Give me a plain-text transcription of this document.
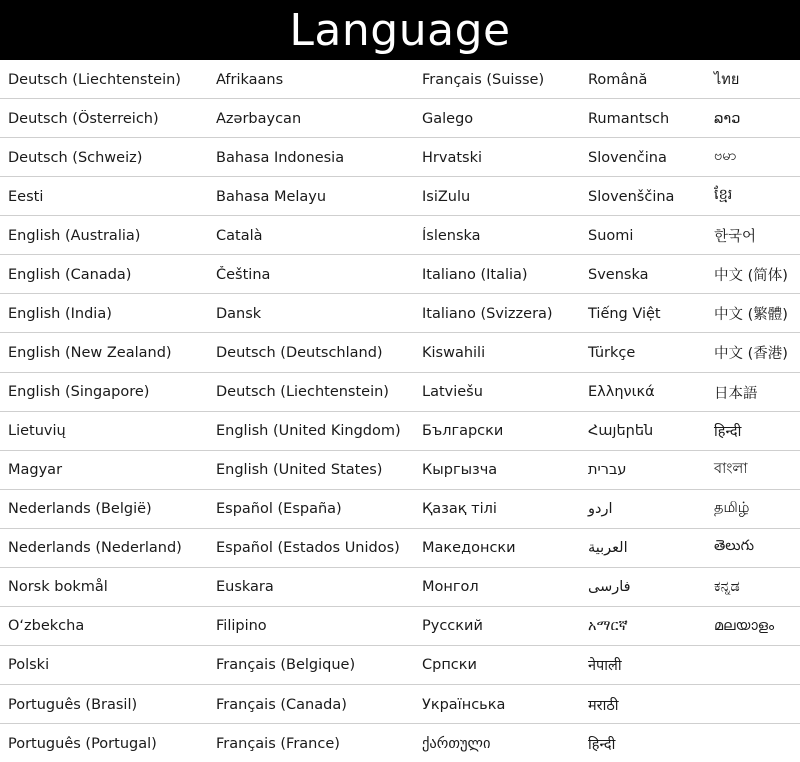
Language
Deutsch (Liechtenstein)	Afrikaans	Français (Suisse)	Română	ไทย
Deutsch (Österreich)	Azərbaycan	Galego	Rumantsch	ລາວ
Deutsch (Schweiz)	Bahasa Indonesia	Hrvatski	Slovenčina	ဗမာ
Eesti	Bahasa Melayu	IsiZulu	Slovenščina	ខ្មែរ
English (Australia)	Català	Íslenska	Suomi	한국어
English (Canada)	Čeština	Italiano (Italia)	Svenska	中文 (简体)
English (India)	Dansk	Italiano (Svizzera)	Tiếng Việt	中文 (繁體)
English (New Zealand)	Deutsch (Deutschland)	Kiswahili	Türkçe	中文 (香港)
English (Singapore)	Deutsch (Liechtenstein)	Latviešu	Ελληνικά	日本語
Lietuvių	English (United Kingdom)	Български	Հայերեն	हिन्दी
Magyar	English (United States)	Кыргызча	עברית	বাংলা
Nederlands (België)	Español (España)	Қазақ тілі	اردو	தமிழ்
Nederlands (Nederland)	Español (Estados Unidos)	Македонски	العربية	తెలుగు
Norsk bokmål	Euskara	Монгол	فارسی	ಕನ್ನಡ
O‘zbekcha	Filipino	Русский	አማርኛ	മലയാളം
Polski	Français (Belgique)	Српски	नेपाली
Português (Brasil)	Français (Canada)	Українська	मराठी
Português (Portugal)	Français (France)	ქართული	हिन्दी
